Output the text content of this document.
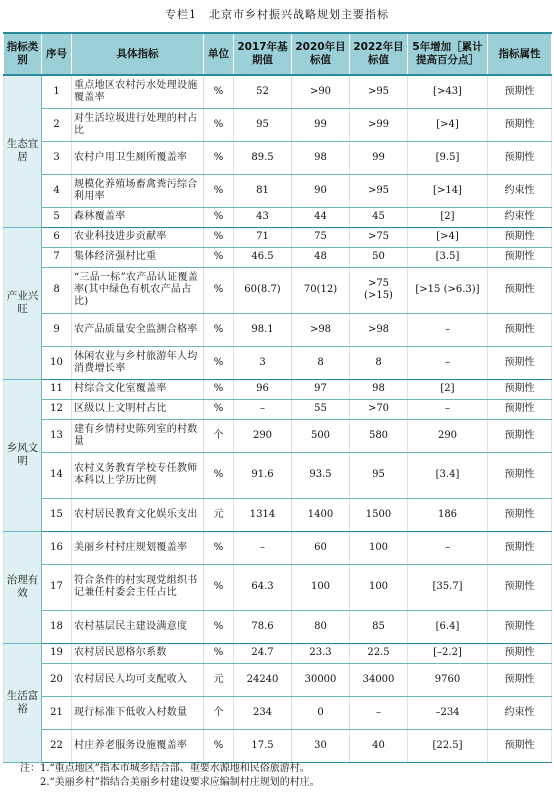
专栏1　北京市乡村振兴战略规划主要指标
指标类别	序号	具体指标	单位	2017年基期值	2020年目标值	2022年目标值	5年增加［累计提高百分点］	指标属性
生态宜居	1	重点地区农村污水处理设施覆盖率	%	52	>90	>95	[>43]	预期性
	2	对生活垃圾进行处理的村占比	%	95	99	>99	[>4]	预期性
	3	农村户用卫生厕所覆盖率	%	89.5	98	99	[9.5]	预期性
	4	规模化养殖场畜禽粪污综合利用率	%	81	90	>95	[>14]	约束性
	5	森林覆盖率	%	43	44	45	[2]	约束性
产业兴旺	6	农业科技进步贡献率	%	71	75	>75	[>4]	预期性
	7	集体经济强村比重	%	46.5	48	50	[3.5]	预期性
	8	“三品一标”农产品认证覆盖率(其中绿色有机农产品占比)	%	60(8.7)	70(12)	>75 (>15)	[>15 (>6.3)]	预期性
	9	农产品质量安全监测合格率	%	98.1	>98	>98	–	预期性
	10	休闲农业与乡村旅游年人均消费增长率	%	3	8	8	–	预期性
乡风文明	11	村综合文化室覆盖率	%	96	97	98	[2]	预期性
	12	区级以上文明村占比	%	–	55	>70	–	预期性
	13	建有乡情村史陈列室的村数量	个	290	500	580	290	预期性
	14	农村义务教育学校专任教师本科以上学历比例	%	91.6	93.5	95	[3.4]	预期性
	15	农村居民教育文化娱乐支出	元	1314	1400	1500	186	预期性
治理有效	16	美丽乡村村庄规划覆盖率	%	–	60	100	–	预期性
	17	符合条件的村实现党组织书记兼任村委会主任占比	%	64.3	100	100	[35.7]	预期性
	18	农村基层民主建设满意度	%	78.6	80	85	[6.4]	预期性
生活富裕	19	农村居民恩格尔系数	%	24.7	23.3	22.5	[–2.2]	预期性
	20	农村居民人均可支配收入	元	24240	30000	34000	9760	预期性
	21	现行标准下低收入村数量	个	234	0	–	–234	约束性
	22	村庄养老服务设施覆盖率	%	17.5	30	40	[22.5]	预期性
注：1.“重点地区”指本市城乡结合部、重要水源地和民俗旅游村。
　　2.“美丽乡村”指结合美丽乡村建设要求应编制村庄规划的村庄。
